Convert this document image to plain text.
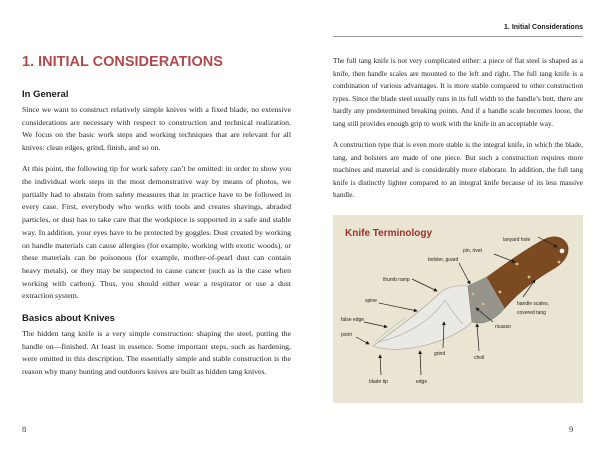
1. INITIAL CONSIDERATIONS
In General

Since we want to construct relatively simple knives with a fixed blade, no extensive considerations are necessary with respect to construction and technical realization. We focus on the basic work steps and working techniques that are relevant for all knives: clean edges, grind, finish, and so on.

At this point, the following tip for work safety can’t be omitted: in order to show you the individual work steps in the most demonstrative way by means of photos, we partially had to abstain from safety measures that in practice have to be followed in every case. First, everybody who works with tools and creates shavings, abraded particles, or dust has to take care that the workpiece is supported in a safe and stable way. In addition, your eyes have to be protected by goggles. Dust created by working on handle materials can cause allergies (for example, working with exotic woods), or these materials can be poisonous (for example, mother-of-pearl dust can contain heavy metals), or they may be suspected to cause cancer (such as is the case when working with carbon). Thus, you should either wear a respirator or use a dust extraction system.

Basics about Knives

The hidden tang knife is a very simple construction: shaping the steel, putting the handle on—finished. At least in essence. Some important steps, such as hardening, were omitted in this description. The essentially simple and stable construction is the reason why many hunting and outdoors knives are built as hidden tang knives.

8
1. Initial Considerations

The full tang knife is not very complicated either: a piece of flat steel is shaped as a knife, then handle scales are mounted to the left and right. The full tang knife is a combination of various advantages. It is more stable compared to other construction types. Since the blade steel usually runs in its full width to the handle’s butt, there are hardly any predetermined breaking points. And if a handle scale becomes loose, the tang still provides enough grip to work with the knife in an acceptable way.

A construction type that is even more stable is the integral knife, in which the blade, tang, and bolsters are made of one piece. But such a construction requires more machines and material and is considerably more elaborate. In addition, the full tang knife is distinctly lighter compared to an integral knife because of its less massive handle.

Knife Terminology
lanyard hole
pin, rivet
bolster, guard
thumb ramp
spine
false edge
point
blade tip	edge
grind
choil
ricasso
handle scales,
covered tang
9
